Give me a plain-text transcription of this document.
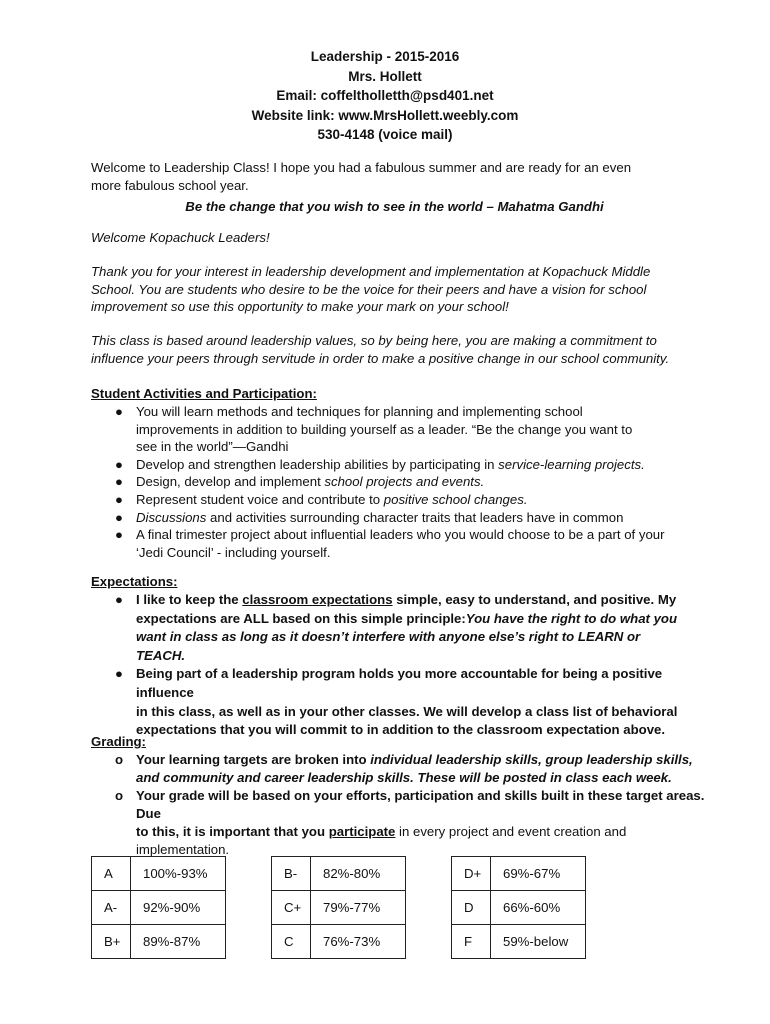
Leadership - 2015-2016
Mrs. Hollett
Email: coffeltholletth@psd401.net
Website link: www.MrsHollett.weebly.com
530-4148 (voice mail)
Welcome to Leadership Class! I hope you had a fabulous summer and are ready for an even
more fabulous school year.
Be the change that you wish to see in the world – Mahatma Gandhi
Welcome Kopachuck Leaders!
Thank you for your interest in leadership development and implementation at Kopachuck Middle
School. You are students who desire to be the voice for their peers and have a vision for school
improvement so use this opportunity to make your mark on your school!
This class is based around leadership values, so by being here, you are making a commitment to
influence your peers through servitude in order to make a positive change in our school community.
Student Activities and Participation:
● You will learn methods and techniques for planning and implementing school
improvements in addition to building yourself as a leader. “Be the change you want to
see in the world”—Gandhi
● Develop and strengthen leadership abilities by participating in service-learning projects.
● Design, develop and implement school projects and events.
● Represent student voice and contribute to positive school changes.
● Discussions and activities surrounding character traits that leaders have in common
● A final trimester project about influential leaders who you would choose to be a part of your
‘Jedi Council’ - including yourself.
Expectations:
● I like to keep the classroom expectations simple, easy to understand, and positive. My
expectations are ALL based on this simple principle:You have the right to do what you
want in class as long as it doesn’t interfere with anyone else’s right to LEARN or
TEACH.
● Being part of a leadership program holds you more accountable for being a positive influence
in this class, as well as in your other classes. We will develop a class list of behavioral
expectations that you will commit to in addition to the classroom expectation above.
Grading:
o Your learning targets are broken into individual leadership skills, group leadership skills,
and community and career leadership skills. These will be posted in class each week.
o Your grade will be based on your efforts, participation and skills built in these target areas. Due
to this, it is important that you participate in every project and event creation and
implementation.
A	100%-93%
A-	92%-90%
B+	89%-87%
B-	82%-80%
C+	79%-77%
C	76%-73%
D+	69%-67%
D	66%-60%
F	59%-below
